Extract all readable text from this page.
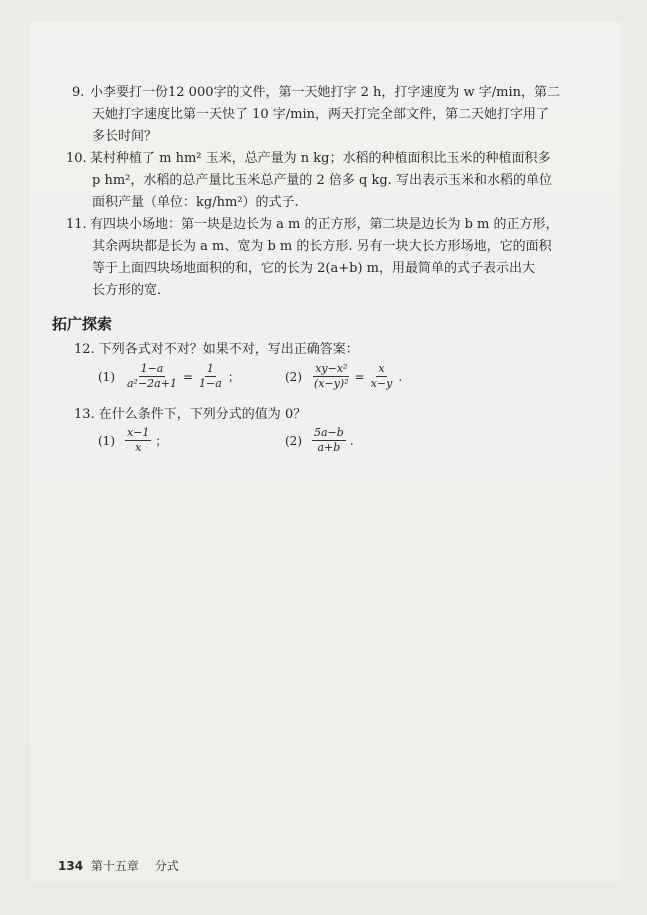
9. 小李要打一份12 000字的文件，第一天她打字 2 h，打字速度为 w 字/min，第二
天她打字速度比第一天快了 10 字/min，两天打完全部文件，第二天她打字用了
多长时间？
10. 某村种植了 m hm² 玉米，总产量为 n kg；水稻的种植面积比玉米的种植面积多
p hm²，水稻的总产量比玉米总产量的 2 倍多 q kg. 写出表示玉米和水稻的单位
面积产量（单位：kg/hm²）的式子.
11. 有四块小场地：第一块是边长为 a m 的正方形，第二块是边长为 b m 的正方形，
其余两块都是长为 a m、宽为 b m 的长方形. 另有一块大长方形场地，它的面积
等于上面四块场地面积的和，它的长为 2(a+b) m，用最简单的式子表示出大
长方形的宽.
拓广探索
12. 下列各式对不对？如果不对，写出正确答案：
$(1) \frac{1-a}{\text{a²−2a+1}} = \frac{1}{1-a}$ ；	$(2) \frac{\text{xy−x²}}{\text{(x−y)²}} = \frac{x}{x-y}$ .
13. 在什么条件下，下列分式的值为 0？
$(1) \frac{x-1}{x}$ ；	$(2) \frac{5a-b}{a+b}$ .
134 第十五章 分式
